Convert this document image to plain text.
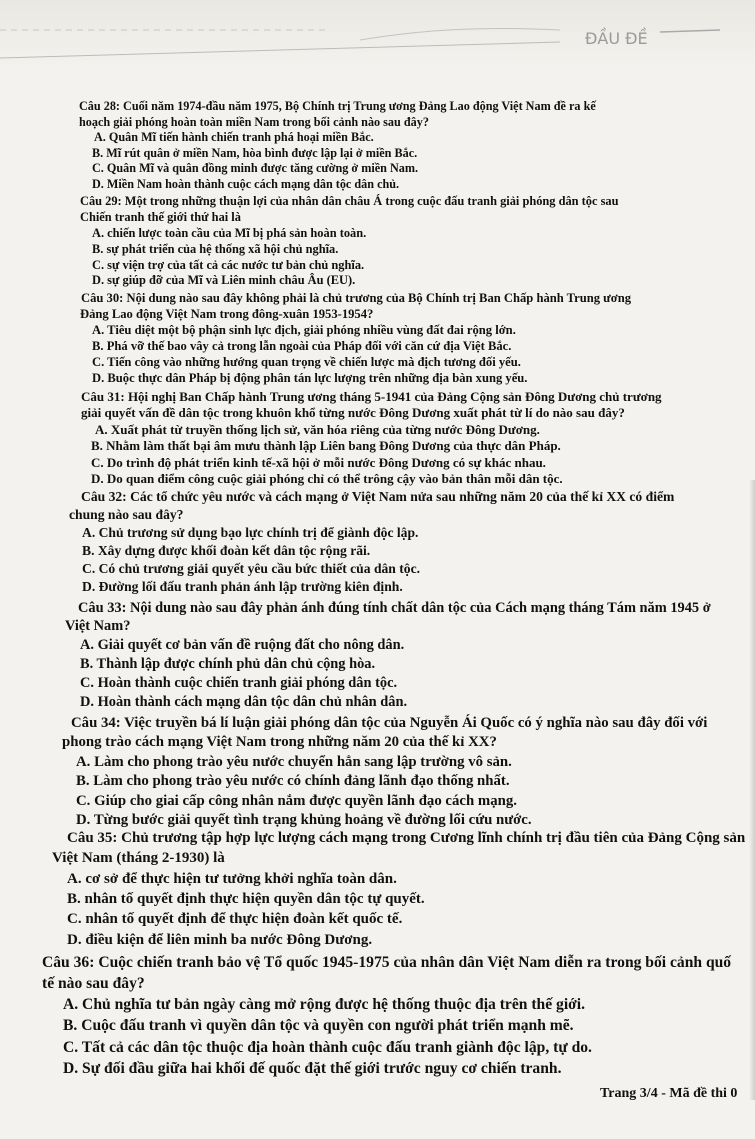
ĐẦU ĐỀ
Câu 28: Cuối năm 1974-đầu năm 1975, Bộ Chính trị Trung ương Đảng Lao động Việt Nam đề ra kế
hoạch giải phóng hoàn toàn miền Nam trong bối cảnh nào sau đây?
A. Quân Mĩ tiến hành chiến tranh phá hoại miền Bắc.
B. Mĩ rút quân ở miền Nam, hòa bình được lập lại ở miền Bắc.
C. Quân Mĩ và quân đồng minh được tăng cường ở miền Nam.
D. Miền Nam hoàn thành cuộc cách mạng dân tộc dân chủ.
Câu 29: Một trong những thuận lợi của nhân dân châu Á trong cuộc đấu tranh giải phóng dân tộc sau
Chiến tranh thế giới thứ hai là
A. chiến lược toàn cầu của Mĩ bị phá sản hoàn toàn.
B. sự phát triển của hệ thống xã hội chủ nghĩa.
C. sự viện trợ của tất cả các nước tư bản chủ nghĩa.
D. sự giúp đỡ của Mĩ và Liên minh châu Âu (EU).
Câu 30: Nội dung nào sau đây không phải là chủ trương của Bộ Chính trị Ban Chấp hành Trung ương
Đảng Lao động Việt Nam trong đông-xuân 1953-1954?
A. Tiêu diệt một bộ phận sinh lực địch, giải phóng nhiều vùng đất đai rộng lớn.
B. Phá vỡ thế bao vây cả trong lẫn ngoài của Pháp đối với căn cứ địa Việt Bắc.
C. Tiến công vào những hướng quan trọng về chiến lược mà địch tương đối yếu.
D. Buộc thực dân Pháp bị động phân tán lực lượng trên những địa bàn xung yếu.
Câu 31: Hội nghị Ban Chấp hành Trung ương tháng 5-1941 của Đảng Cộng sản Đông Dương chủ trương
giải quyết vấn đề dân tộc trong khuôn khổ từng nước Đông Dương xuất phát từ lí do nào sau đây?
A. Xuất phát từ truyền thống lịch sử, văn hóa riêng của từng nước Đông Dương.
B. Nhằm làm thất bại âm mưu thành lập Liên bang Đông Dương của thực dân Pháp.
C. Do trình độ phát triển kinh tế-xã hội ở mỗi nước Đông Dương có sự khác nhau.
D. Do quan điểm công cuộc giải phóng chỉ có thể trông cậy vào bản thân mỗi dân tộc.
Câu 32: Các tổ chức yêu nước và cách mạng ở Việt Nam nửa sau những năm 20 của thế kỉ XX có điểm
chung nào sau đây?
A. Chủ trương sử dụng bạo lực chính trị để giành độc lập.
B. Xây dựng được khối đoàn kết dân tộc rộng rãi.
C. Có chủ trương giải quyết yêu cầu bức thiết của dân tộc.
D. Đường lối đấu tranh phản ánh lập trường kiên định.
Câu 33: Nội dung nào sau đây phản ánh đúng tính chất dân tộc của Cách mạng tháng Tám năm 1945 ở
Việt Nam?
A. Giải quyết cơ bản vấn đề ruộng đất cho nông dân.
B. Thành lập được chính phủ dân chủ cộng hòa.
C. Hoàn thành cuộc chiến tranh giải phóng dân tộc.
D. Hoàn thành cách mạng dân tộc dân chủ nhân dân.
Câu 34: Việc truyền bá lí luận giải phóng dân tộc của Nguyễn Ái Quốc có ý nghĩa nào sau đây đối với
phong trào cách mạng Việt Nam trong những năm 20 của thế kỉ XX?
A. Làm cho phong trào yêu nước chuyển hẳn sang lập trường vô sản.
B. Làm cho phong trào yêu nước có chính đảng lãnh đạo thống nhất.
C. Giúp cho giai cấp công nhân nắm được quyền lãnh đạo cách mạng.
D. Từng bước giải quyết tình trạng khủng hoảng về đường lối cứu nước.
Câu 35: Chủ trương tập hợp lực lượng cách mạng trong Cương lĩnh chính trị đầu tiên của Đảng Cộng sản
Việt Nam (tháng 2-1930) là
A. cơ sở để thực hiện tư tưởng khởi nghĩa toàn dân.
B. nhân tố quyết định thực hiện quyền dân tộc tự quyết.
C. nhân tố quyết định để thực hiện đoàn kết quốc tế.
D. điều kiện để liên minh ba nước Đông Dương.
Câu 36: Cuộc chiến tranh bảo vệ Tổ quốc 1945-1975 của nhân dân Việt Nam diễn ra trong bối cảnh quố
tế nào sau đây?
A. Chủ nghĩa tư bản ngày càng mở rộng được hệ thống thuộc địa trên thế giới.
B. Cuộc đấu tranh vì quyền dân tộc và quyền con người phát triển mạnh mẽ.
C. Tất cả các dân tộc thuộc địa hoàn thành cuộc đấu tranh giành độc lập, tự do.
D. Sự đối đầu giữa hai khối đế quốc đặt thế giới trước nguy cơ chiến tranh.
Trang 3/4 - Mã đề thi 0
